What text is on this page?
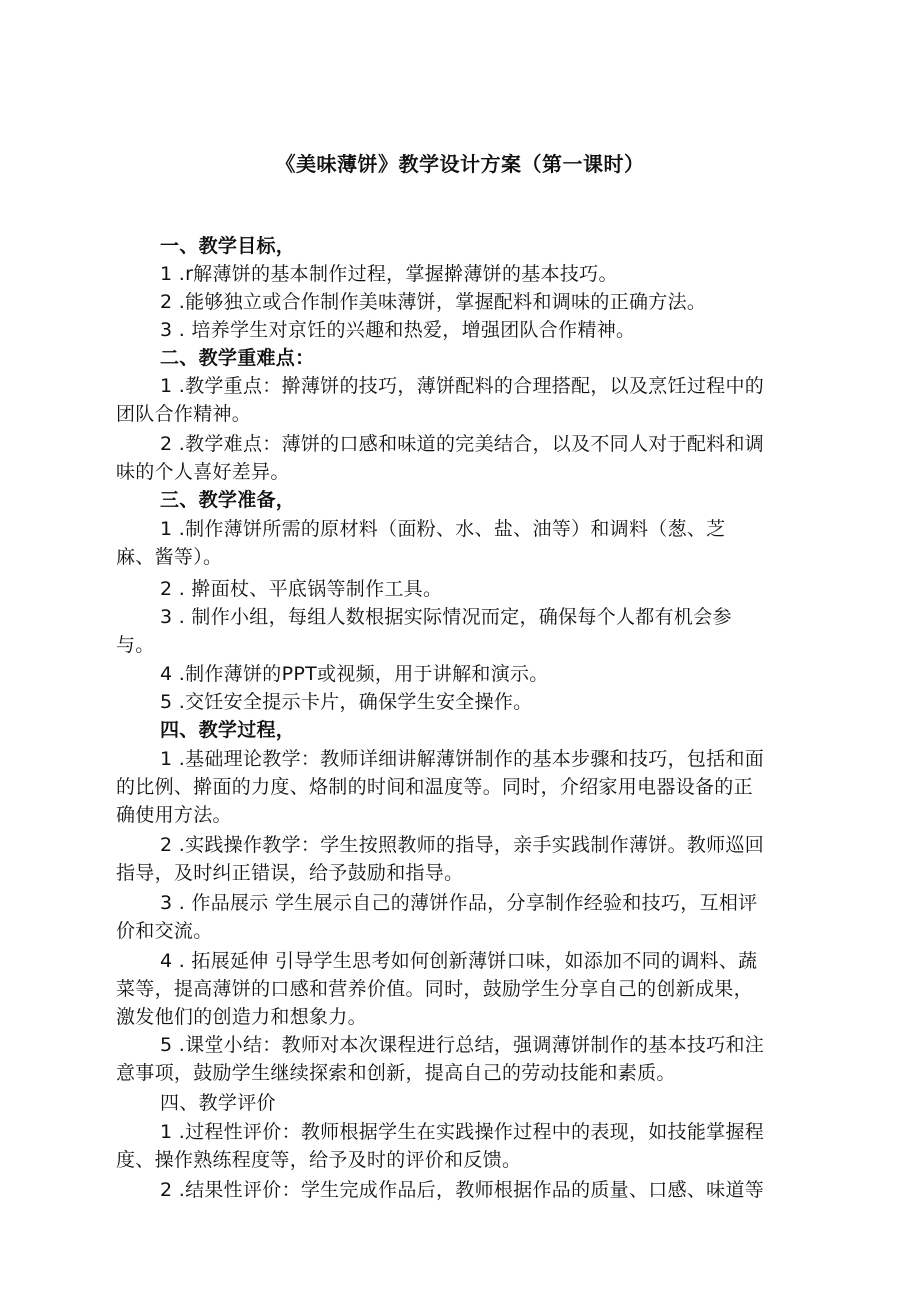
《美味薄饼》教学设计方案（第一课时）
一、教学目标，
1 .r解薄饼的基本制作过程，掌握擀薄饼的基本技巧。
2 .能够独立或合作制作美味薄饼，掌握配料和调味的正确方法。
3 . 培养学生对京饪的兴趣和热爱，增强团队合作精神。
二、教学重难点：
1 .教学重点：擀薄饼的技巧，薄饼配料的合理搭配，以及烹饪过程中的
团队合作精神。
2 .教学难点：薄饼的口感和味道的完美结合，以及不同人对于配料和调
味的个人喜好差异。
三、教学准备，
1 .制作薄饼所需的原材料（面粉、水、盐、油等）和调料（葱、芝
麻、酱等）。
2 . 擀面杖、平底锅等制作工具。
3 . 制作小组，每组人数根据实际情况而定，确保每个人都有机会参
与。
4 .制作薄饼的PPT或视频，用于讲解和演示。
5 .交饪安全提示卡片，确保学生安全操作。
四、教学过程，
1 .基础理论教学：教师详细讲解薄饼制作的基本步骤和技巧，包括和面
的比例、擀面的力度、烙制的时间和温度等。同时，介绍家用电器设备的正
确使用方法。
2 .实践操作教学：学生按照教师的指导，亲手实践制作薄饼。教师巡回
指导，及时纠正错误，给予鼓励和指导。
3 . 作品展示 学生展示自己的薄饼作品，分享制作经验和技巧，互相评
价和交流。
4 . 拓展延伸 引导学生思考如何创新薄饼口味，如添加不同的调料、蔬
菜等，提高薄饼的口感和营养价值。同时，鼓励学生分享自己的创新成果，
激发他们的创造力和想象力。
5 .课堂小结：教师对本次课程进行总结，强调薄饼制作的基本技巧和注
意事项，鼓励学生继续探索和创新，提高自己的劳动技能和素质。
四、教学评价
1 .过程性评价：教师根据学生在实践操作过程中的表现，如技能掌握程
度、操作熟练程度等，给予及时的评价和反馈。
2 .结果性评价：学生完成作品后，教师根据作品的质量、口感、味道等
